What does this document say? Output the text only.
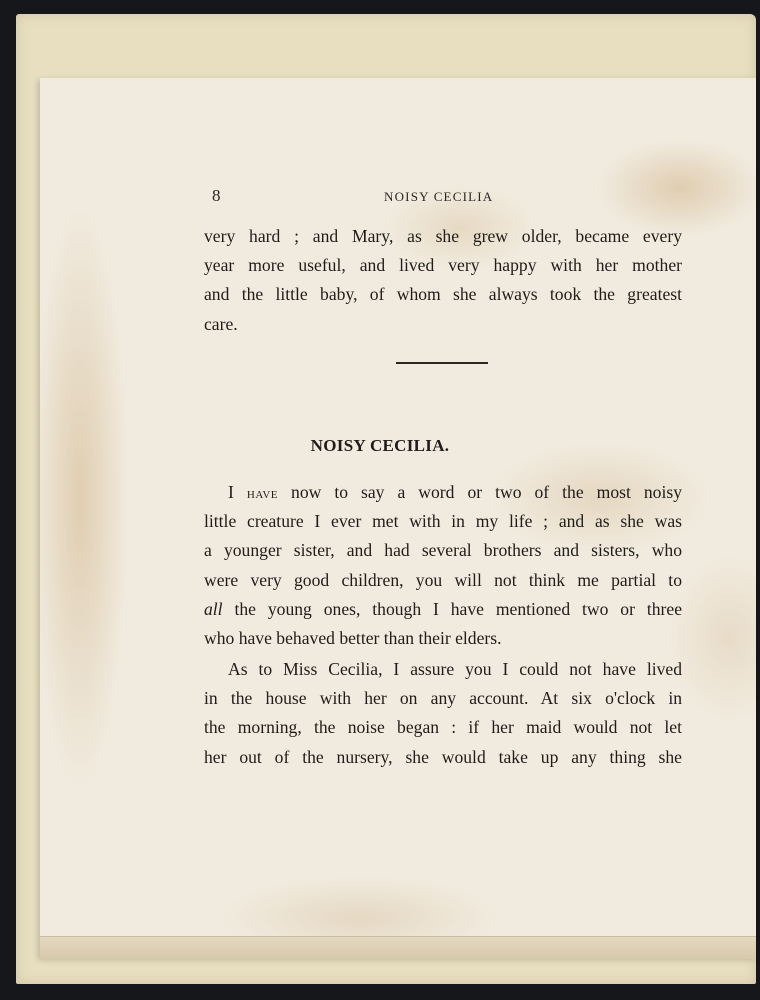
8	NOISY CECILIA
very hard ; and Mary, as she grew older, became every
year more useful, and lived very happy with her mother
and the little baby, of whom she always took the greatest
care.
NOISY CECILIA.
I have now to say a word or two of the most noisy
little creature I ever met with in my life ; and as she was
a younger sister, and had several brothers and sisters, who
were very good children, you will not think me partial to
all the young ones, though I have mentioned two or three
who have behaved better than their elders.
As to Miss Cecilia, I assure you I could not have lived
in the house with her on any account. At six o'clock in
the morning, the noise began : if her maid would not let
her out of the nursery, she would take up any thing she
